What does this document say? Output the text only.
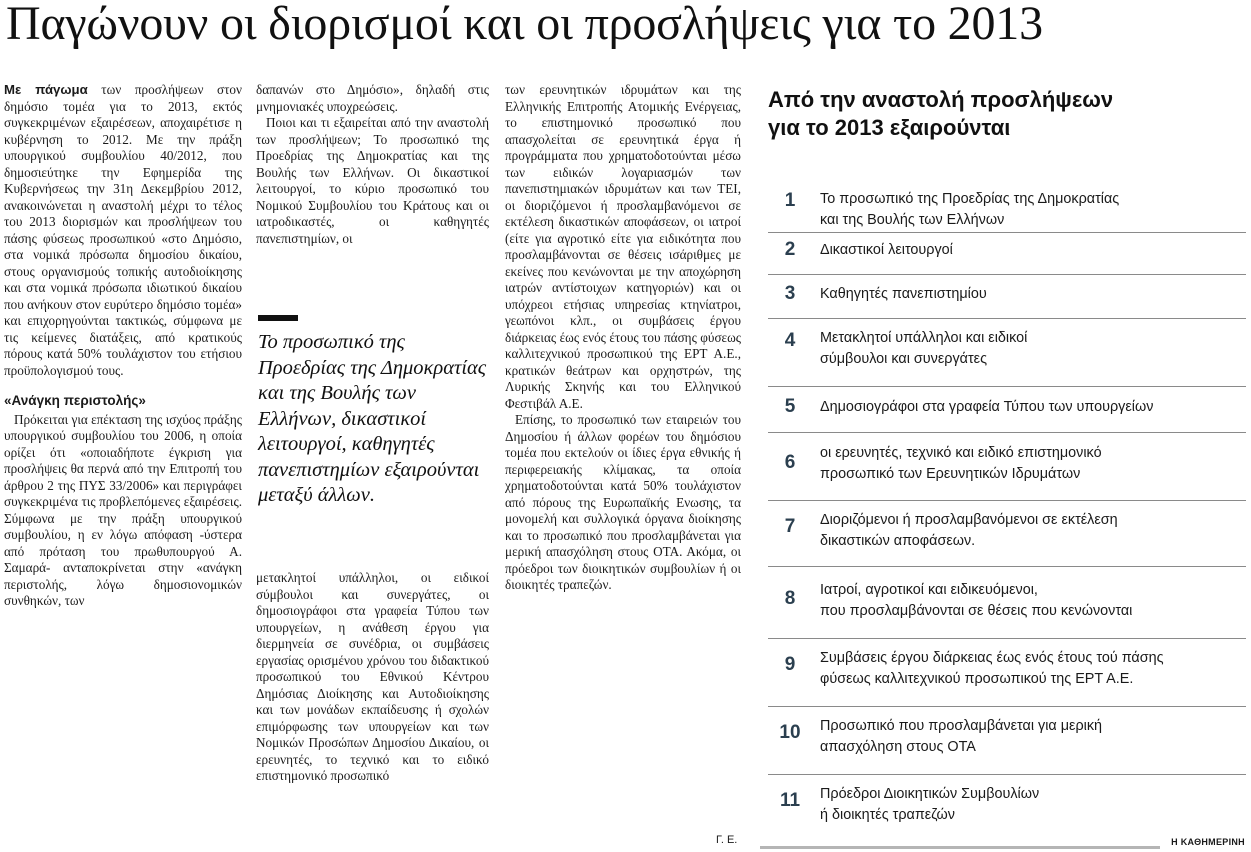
Παγώνουν οι διορισμοί και οι προσλήψεις για το 2013

Με πάγωμα των προσλήψεων στον δημόσιο τομέα για το 2013, εκτός συγκεκριμένων εξαιρέσεων, αποχαιρέτισε η κυβέρνηση το 2012. Με την πράξη υπουργικού συμβουλίου 40/2012, που δημοσιεύτηκε την Εφημερίδα της Κυβερνήσεως την 31η Δεκεμβρίου 2012, ανακοινώνεται η αναστολή μέχρι το τέλος του 2013 διορισμών και προσλήψεων του πάσης φύσεως προσωπικού «στο Δημόσιο, στα νομικά πρόσωπα δημοσίου δικαίου, στους οργανισμούς τοπικής αυτοδιοίκησης και στα νομικά πρόσωπα ιδιωτικού δικαίου που ανήκουν στον ευρύτερο δημόσιο τομέα» και επιχορηγούνται τακτικώς, σύμφωνα με τις κείμενες διατάξεις, από κρατικούς πόρους κατά 50% τουλάχιστον του ετήσιου προϋπολογισμού τους.

«Ανάγκη περιστολής»

Πρόκειται για επέκταση της ισχύος πράξης υπουργικού συμβουλίου του 2006, η οποία ορίζει ότι «οποιαδήποτε έγκριση για προσλήψεις θα περνά από την Επιτροπή του άρθρου 2 της ΠΥΣ 33/2006» και περιγράφει συγκεκριμένα τις προβλεπόμενες εξαιρέσεις. Σύμφωνα με την πράξη υπουργικού συμβουλίου, η εν λόγω απόφαση -ύστερα από πρόταση του πρωθυπουργού Α. Σαμαρά- ανταποκρίνεται στην «ανάγκη περιστολής, λόγω δημοσιονομικών συνθηκών, των

δαπανών στο Δημόσιο», δηλαδή στις μνημονιακές υποχρεώσεις.

Ποιοι και τι εξαιρείται από την αναστολή των προσλήψεων; Το προσωπικό της Προεδρίας της Δημοκρατίας και της Βουλής των Ελλήνων. Οι δικαστικοί λειτουργοί, το κύριο προσωπικό του Νομικού Συμβουλίου του Κράτους και οι ιατροδικαστές, οι καθηγητές πανεπιστημίων, οι

Το προσωπικό της Προεδρίας της Δημοκρατίας και της Βουλής των Ελλήνων, δικαστικοί λειτουργοί, καθηγητές πανεπιστημίων εξαιρούνται μεταξύ άλλων.

μετακλητοί υπάλληλοι, οι ειδικοί σύμβουλοι και συνεργάτες, οι δημοσιογράφοι στα γραφεία Τύπου των υπουργείων, η ανάθεση έργου για διερμηνεία σε συνέδρια, οι συμβάσεις εργασίας ορισμένου χρόνου του διδακτικού προσωπικού του Εθνικού Κέντρου Δημόσιας Διοίκησης και Αυτοδιοίκησης και των μονάδων εκπαίδευσης ή σχολών επιμόρφωσης των υπουργείων και των Νομικών Προσώπων Δημοσίου Δικαίου, οι ερευνητές, το τεχνικό και το ειδικό επιστημονικό προσωπικό

των ερευνητικών ιδρυμάτων και της Ελληνικής Επιτροπής Ατομικής Ενέργειας, το επιστημονικό προσωπικό που απασχολείται σε ερευνητικά έργα ή προγράμματα που χρηματοδοτούνται μέσω των ειδικών λογαριασμών των πανεπιστημιακών ιδρυμάτων και των ΤΕΙ, οι διοριζόμενοι ή προσλαμβανόμενοι σε εκτέλεση δικαστικών αποφάσεων, οι ιατροί (είτε για αγροτικό είτε για ειδικότητα που προσλαμβάνονται σε θέσεις ισάριθμες με εκείνες που κενώνονται με την αποχώρηση ιατρών αντίστοιχων κατηγοριών) και οι υπόχρεοι ετήσιας υπηρεσίας κτηνίατροι, γεωπόνοι κλπ., οι συμβάσεις έργου διάρκειας έως ενός έτους του πάσης φύσεως καλλιτεχνικού προσωπικού της ΕΡΤ Α.Ε., κρατικών θεάτρων και ορχηστρών, της Λυρικής Σκηνής και του Ελληνικού Φεστιβάλ Α.Ε.

Επίσης, το προσωπικό των εταιρειών του Δημοσίου ή άλλων φορέων του δημόσιου τομέα που εκτελούν οι ίδιες έργα εθνικής ή περιφερειακής κλίμακας, τα οποία χρηματοδοτούνται κατά 50% τουλάχιστον από πόρους της Ευρωπαϊκής Ενωσης, τα μονομελή και συλλογικά όργανα διοίκησης και το προσωπικό που προσλαμβάνεται για μερική απασχόληση στους ΟΤΑ. Ακόμα, οι πρόεδροι των διοικητικών συμβουλίων ή οι διοικητές τραπεζών.

Γ. Ε.
Από την αναστολή προσλήψεων
για το 2013 εξαιρούνται
1	Το προσωπικό της Προεδρίας της Δημοκρατίας
και της Βουλής των Ελλήνων
2	Δικαστικοί λειτουργοί
3	Καθηγητές πανεπιστημίου
4	Μετακλητοί υπάλληλοι και ειδικοί
σύμβουλοι και συνεργάτες
5	Δημοσιογράφοι στα γραφεία Τύπου των υπουργείων
6	οι ερευνητές, τεχνικό και ειδικό επιστημονικό
προσωπικό των Ερευνητικών Ιδρυμάτων
7	Διοριζόμενοι ή προσλαμβανόμενοι σε εκτέλεση
δικαστικών αποφάσεων.
8	Ιατροί, αγροτικοί και ειδικευόμενοι,
που προσλαμβάνονται σε θέσεις που κενώνονται
9	Συμβάσεις έργου διάρκειας έως ενός έτους τού πάσης
φύσεως καλλιτεχνικού προσωπικού της ΕΡΤ Α.Ε.
10	Προσωπικό που προσλαμβάνεται για μερική
απασχόληση στους ΟΤΑ
11	Πρόεδροι Διοικητικών Συμβουλίων
ή διοικητές τραπεζών
Η ΚΑΘΗΜΕΡΙΝΗ
